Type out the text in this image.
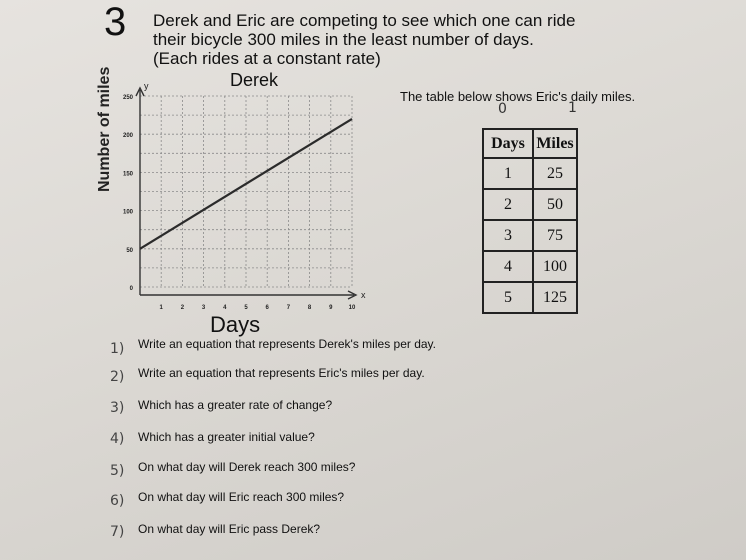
3 Derek and Eric are competing to see which one can ride
their bicycle 300 miles in the least number of days.
(Each rides at a constant rate)
Derek
Number of miles
Days
y
x
0
50
100
150
200
250
1	2	3	4	5	6	7	8	9	10
The table below shows Eric's daily miles.
0	1
Days	Miles
1	25
2	50
3	75
4	100
5	125
1) Write an equation that represents Derek's miles per day.
2) Write an equation that represents Eric's miles per day.
3) Which has a greater rate of change?
4) Which has a greater initial value?
5) On what day will Derek reach 300 miles?
6) On what day will Eric reach 300 miles?
7) On what day will Eric pass Derek?
